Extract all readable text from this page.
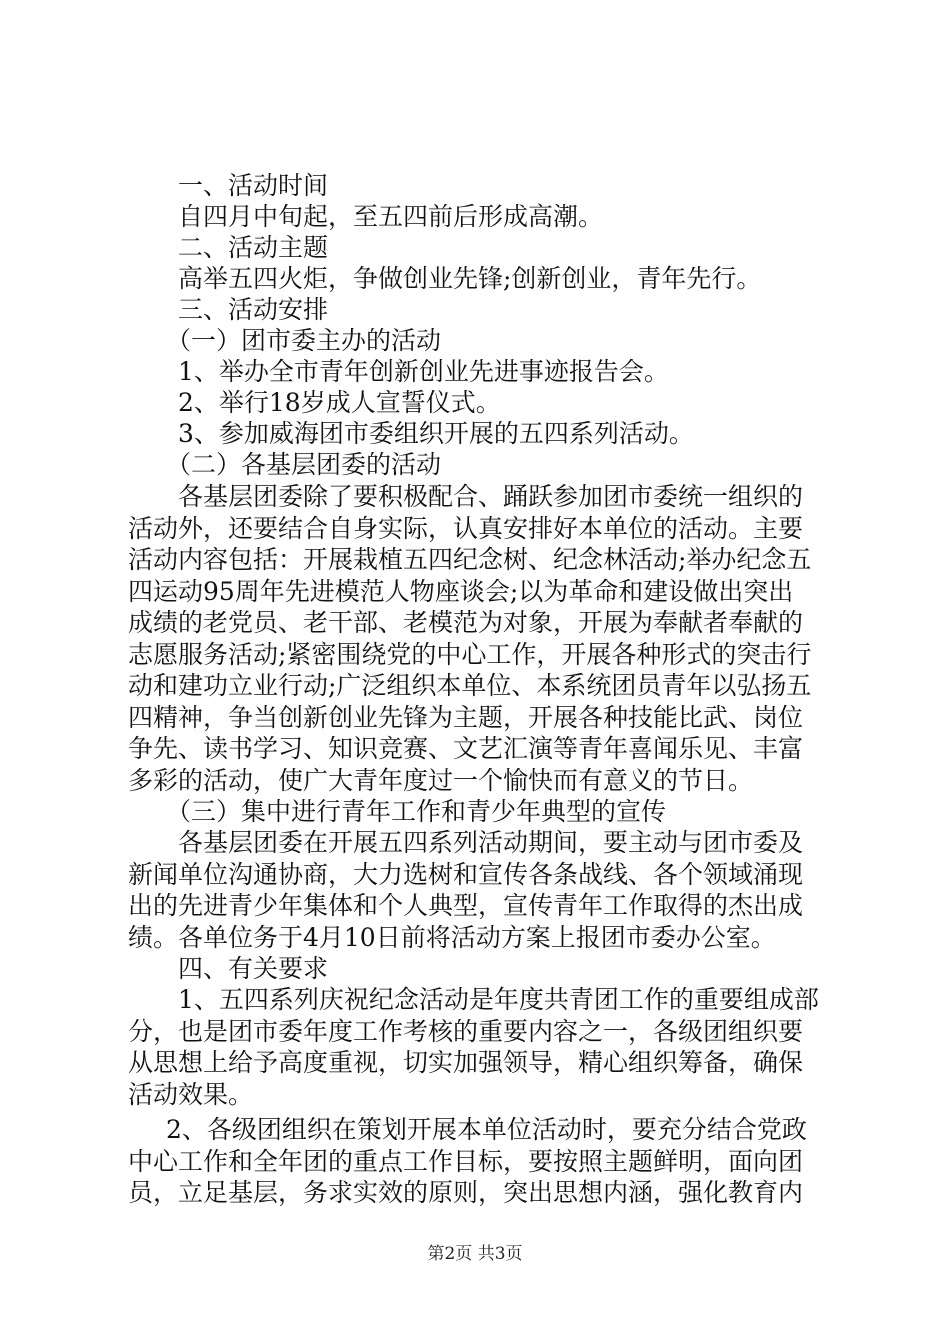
一、活动时间
自四月中旬起，至五四前后形成高潮。
二、活动主题
高举五四火炬，争做创业先锋;创新创业，青年先行。
三、活动安排
（一）团市委主办的活动
1、举办全市青年创新创业先进事迹报告会。
2、举行18岁成人宣誓仪式。
3、参加威海团市委组织开展的五四系列活动。
（二）各基层团委的活动
各基层团委除了要积极配合、踊跃参加团市委统一组织的
活动外，还要结合自身实际，认真安排好本单位的活动。主要
活动内容包括：开展栽植五四纪念树、纪念林活动;举办纪念五
四运动95周年先进模范人物座谈会;以为革命和建设做出突出
成绩的老党员、老干部、老模范为对象，开展为奉献者奉献的
志愿服务活动;紧密围绕党的中心工作，开展各种形式的突击行
动和建功立业行动;广泛组织本单位、本系统团员青年以弘扬五
四精神，争当创新创业先锋为主题，开展各种技能比武、岗位
争先、读书学习、知识竞赛、文艺汇演等青年喜闻乐见、丰富
多彩的活动，使广大青年度过一个愉快而有意义的节日。
（三）集中进行青年工作和青少年典型的宣传
各基层团委在开展五四系列活动期间，要主动与团市委及
新闻单位沟通协商，大力选树和宣传各条战线、各个领域涌现
出的先进青少年集体和个人典型，宣传青年工作取得的杰出成
绩。各单位务于4月10日前将活动方案上报团市委办公室。
四、有关要求
1、五四系列庆祝纪念活动是年度共青团工作的重要组成部
分，也是团市委年度工作考核的重要内容之一，各级团组织要
从思想上给予高度重视，切实加强领导，精心组织筹备，确保
活动效果。
2、各级团组织在策划开展本单位活动时，要充分结合党政
中心工作和全年团的重点工作目标，要按照主题鲜明，面向团
员，立足基层，务求实效的原则，突出思想内涵，强化教育内
第2页 共3页
